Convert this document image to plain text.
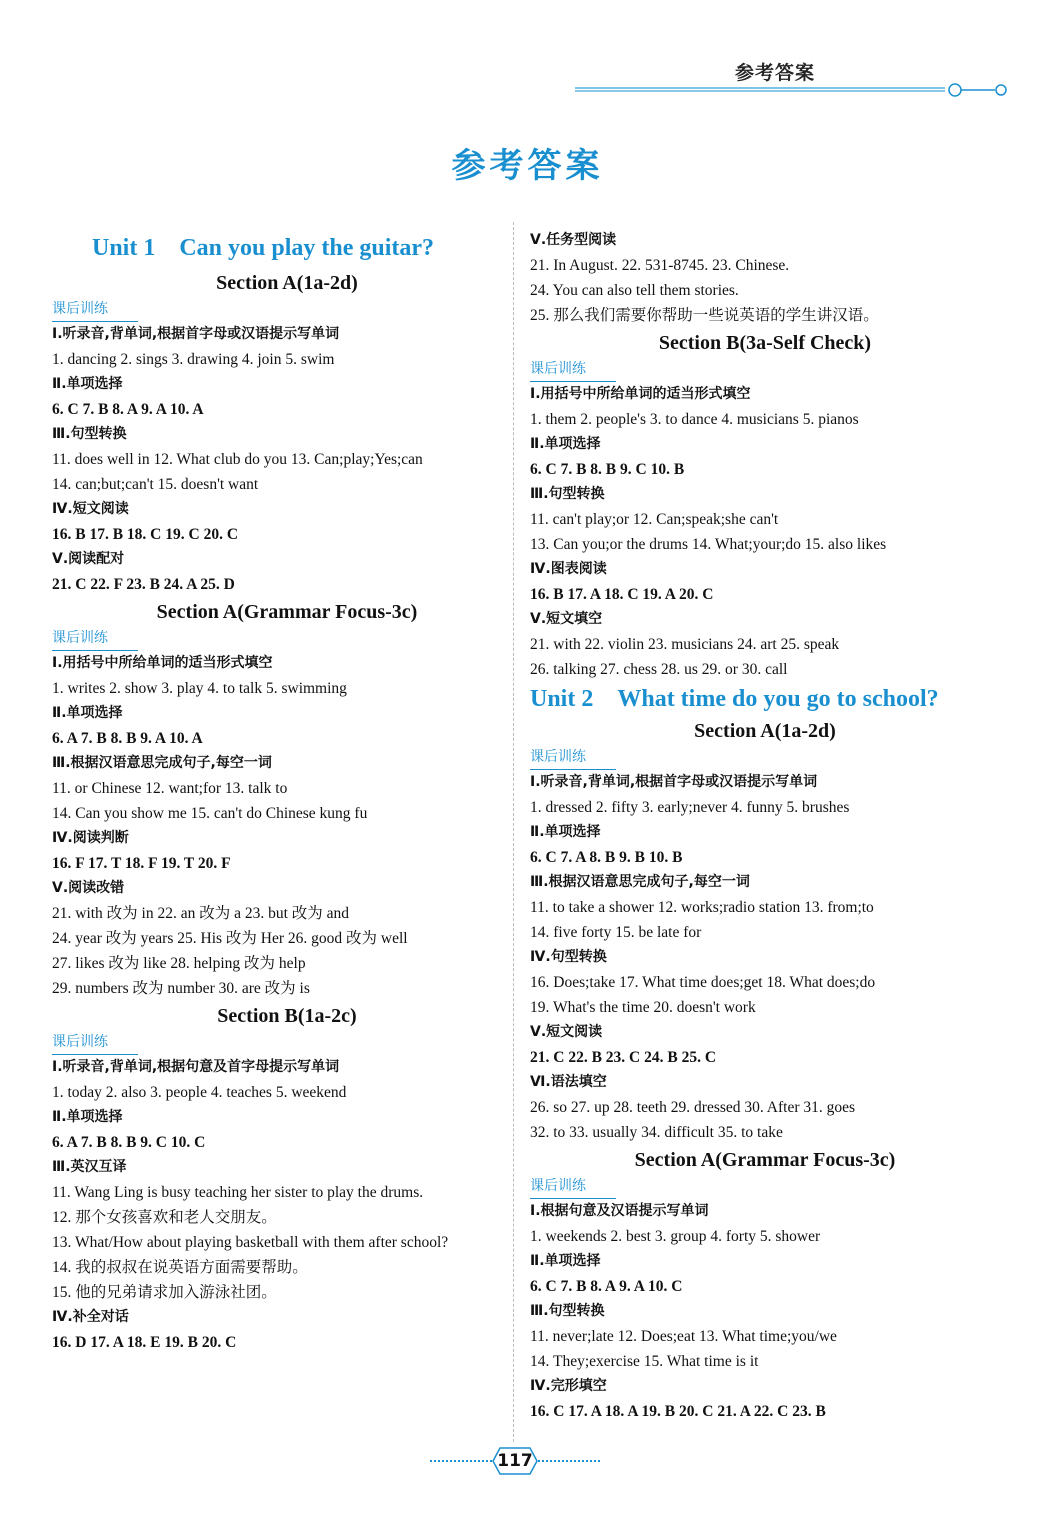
参考答案
参考答案
Unit 1 Can you play the guitar?
Section A(1a-2d)
课后训练
Ⅰ.听录音,背单词,根据首字母或汉语提示写单词
1. dancing 2. sings 3. drawing 4. join 5. swim
Ⅱ.单项选择
6. C 7. B 8. A 9. A 10. A
Ⅲ.句型转换
11. does well in 12. What club do you 13. Can;play;Yes;can
14. can;but;can't 15. doesn't want
Ⅳ.短文阅读
16. B 17. B 18. C 19. C 20. C
Ⅴ.阅读配对
21. C 22. F 23. B 24. A 25. D
Section A(Grammar Focus-3c)
课后训练
Ⅰ.用括号中所给单词的适当形式填空
1. writes 2. show 3. play 4. to talk 5. swimming
Ⅱ.单项选择
6. A 7. B 8. B 9. A 10. A
Ⅲ.根据汉语意思完成句子,每空一词
11. or Chinese 12. want;for 13. talk to
14. Can you show me 15. can't do Chinese kung fu
Ⅳ.阅读判断
16. F 17. T 18. F 19. T 20. F
Ⅴ.阅读改错
21. with 改为 in 22. an 改为 a 23. but 改为 and
24. year 改为 years 25. His 改为 Her 26. good 改为 well
27. likes 改为 like 28. helping 改为 help
29. numbers 改为 number 30. are 改为 is
Section B(1a-2c)
课后训练
Ⅰ.听录音,背单词,根据句意及首字母提示写单词
1. today 2. also 3. people 4. teaches 5. weekend
Ⅱ.单项选择
6. A 7. B 8. B 9. C 10. C
Ⅲ.英汉互译
11. Wang Ling is busy teaching her sister to play the drums.
12. 那个女孩喜欢和老人交朋友。
13. What/How about playing basketball with them after school?
14. 我的叔叔在说英语方面需要帮助。
15. 他的兄弟请求加入游泳社团。
Ⅳ.补全对话
16. D 17. A 18. E 19. B 20. C
Ⅴ.任务型阅读
21. In August. 22. 531-8745. 23. Chinese.
24. You can also tell them stories.
25. 那么我们需要你帮助一些说英语的学生讲汉语。
Section B(3a-Self Check)
课后训练
Ⅰ.用括号中所给单词的适当形式填空
1. them 2. people's 3. to dance 4. musicians 5. pianos
Ⅱ.单项选择
6. C 7. B 8. B 9. C 10. B
Ⅲ.句型转换
11. can't play;or 12. Can;speak;she can't
13. Can you;or the drums 14. What;your;do 15. also likes
Ⅳ.图表阅读
16. B 17. A 18. C 19. A 20. C
Ⅴ.短文填空
21. with 22. violin 23. musicians 24. art 25. speak
26. talking 27. chess 28. us 29. or 30. call
Unit 2 What time do you go to school?
Section A(1a-2d)
课后训练
Ⅰ.听录音,背单词,根据首字母或汉语提示写单词
1. dressed 2. fifty 3. early;never 4. funny 5. brushes
Ⅱ.单项选择
6. C 7. A 8. B 9. B 10. B
Ⅲ.根据汉语意思完成句子,每空一词
11. to take a shower 12. works;radio station 13. from;to
14. five forty 15. be late for
Ⅳ.句型转换
16. Does;take 17. What time does;get 18. What does;do
19. What's the time 20. doesn't work
Ⅴ.短文阅读
21. C 22. B 23. C 24. B 25. C
Ⅵ.语法填空
26. so 27. up 28. teeth 29. dressed 30. After 31. goes
32. to 33. usually 34. difficult 35. to take
Section A(Grammar Focus-3c)
课后训练
Ⅰ.根据句意及汉语提示写单词
1. weekends 2. best 3. group 4. forty 5. shower
Ⅱ.单项选择
6. C 7. B 8. A 9. A 10. C
Ⅲ.句型转换
11. never;late 12. Does;eat 13. What time;you/we
14. They;exercise 15. What time is it
Ⅳ.完形填空
16. C 17. A 18. A 19. B 20. C 21. A 22. C 23. B
117
